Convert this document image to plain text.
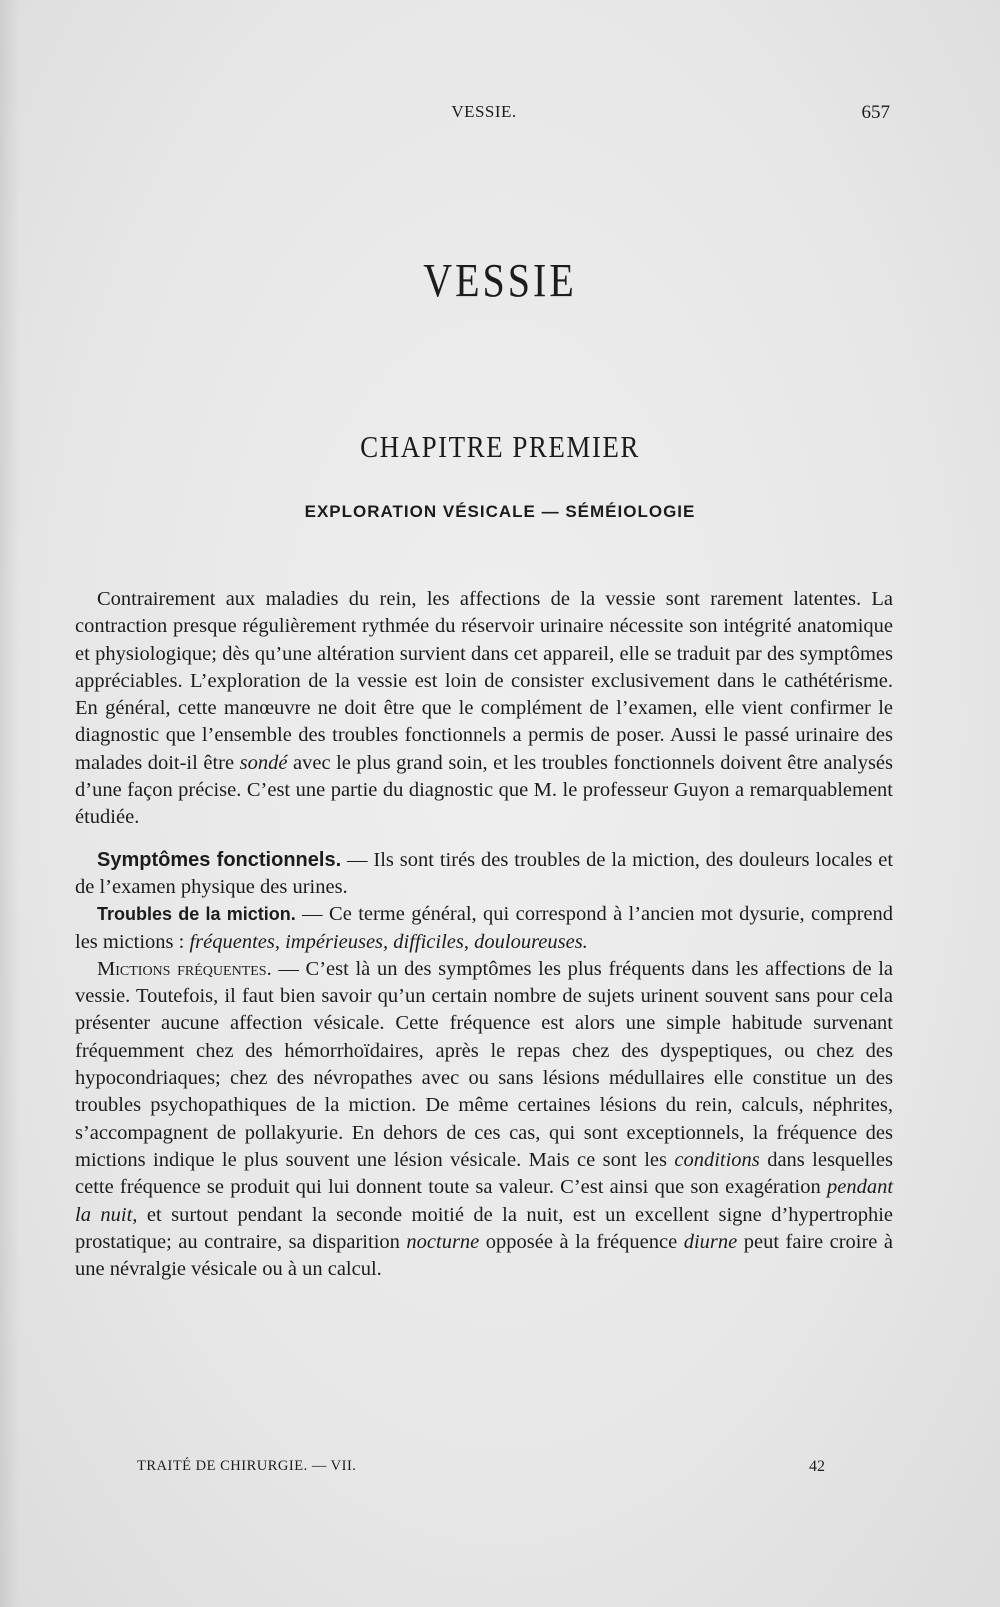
VESSIE.	657
VESSIE
CHAPITRE PREMIER
EXPLORATION VÉSICALE — SÉMÉIOLOGIE

Contrairement aux maladies du rein, les affections de la vessie sont rarement latentes. La contraction presque régulièrement rythmée du réservoir urinaire nécessite son intégrité anatomique et physiologique; dès qu’une altération survient dans cet appareil, elle se traduit par des symptômes appréciables. L’exploration de la vessie est loin de consister exclusivement dans le cathétérisme. En général, cette manœuvre ne doit être que le complément de l’examen, elle vient confirmer le diagnostic que l’ensemble des troubles fonctionnels a permis de poser. Aussi le passé urinaire des malades doit-il être sondé avec le plus grand soin, et les troubles fonctionnels doivent être analysés d’une façon précise. C’est une partie du diagnostic que M. le professeur Guyon a remarquablement étudiée.

Symptômes fonctionnels. — Ils sont tirés des troubles de la miction, des douleurs locales et de l’examen physique des urines.

Troubles de la miction. — Ce terme général, qui correspond à l’ancien mot dysurie, comprend les mictions : fréquentes, impérieuses, difficiles, douloureuses.

Mictions fréquentes. — C’est là un des symptômes les plus fréquents dans les affections de la vessie. Toutefois, il faut bien savoir qu’un certain nombre de sujets urinent souvent sans pour cela présenter aucune affection vésicale. Cette fréquence est alors une simple habitude survenant fréquemment chez des hémorrhoïdaires, après le repas chez des dyspeptiques, ou chez des hypocondriaques; chez des névropathes avec ou sans lésions médullaires elle constitue un des troubles psychopathiques de la miction. De même certaines lésions du rein, calculs, néphrites, s’accompagnent de pollakyurie. En dehors de ces cas, qui sont exceptionnels, la fréquence des mictions indique le plus souvent une lésion vésicale. Mais ce sont les conditions dans lesquelles cette fréquence se produit qui lui donnent toute sa valeur. C’est ainsi que son exagération pendant la nuit, et surtout pendant la seconde moitié de la nuit, est un excellent signe d’hypertrophie prostatique; au contraire, sa disparition nocturne opposée à la fréquence diurne peut faire croire à une névralgie vésicale ou à un calcul.

TRAITÉ DE CHIRURGIE. — VII.	42
